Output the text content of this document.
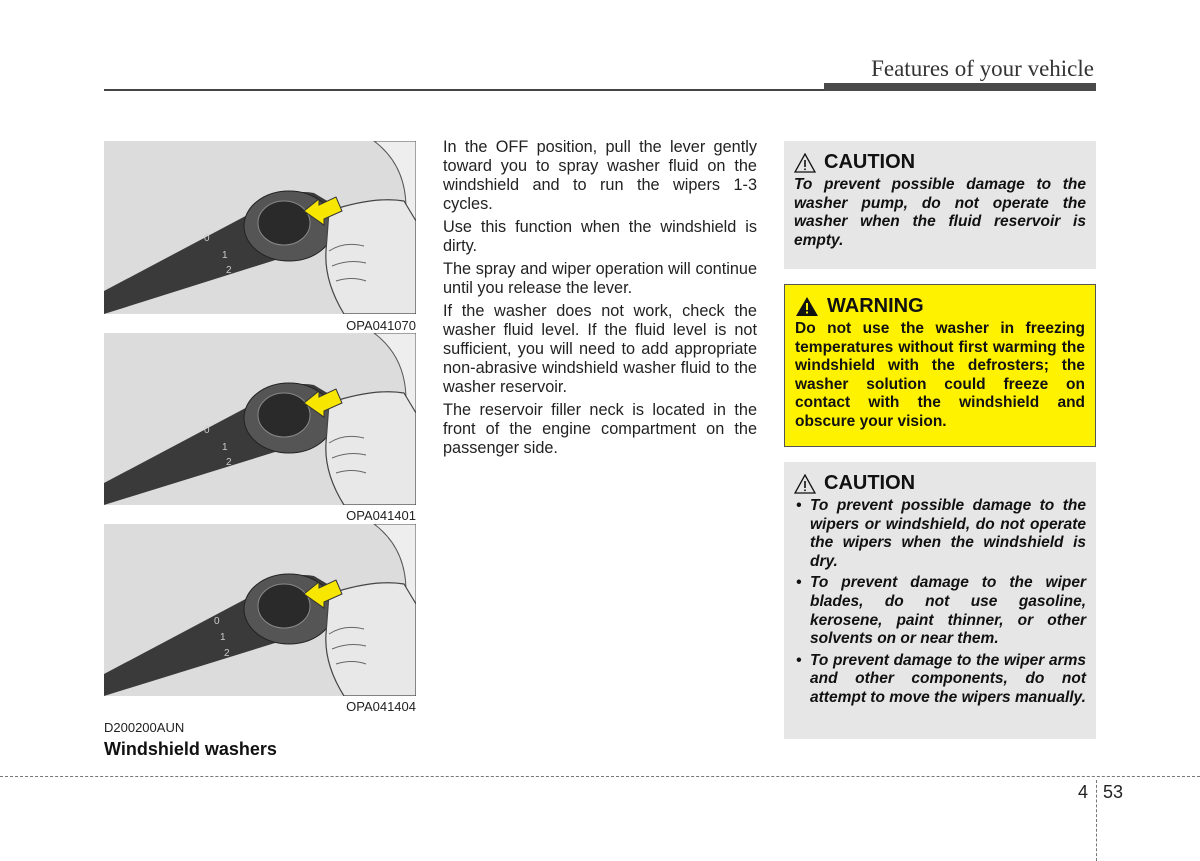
Features of your vehicle
0
1
2
OPA041070
0
1
2
OPA041401
0
1
2
OPA041404
D200200AUN
Windshield washers

In the OFF position, pull the lever gently toward you to spray washer fluid on the windshield and to run the wipers 1-3 cycles.

Use this function when the windshield is dirty.

The spray and wiper operation will continue until you release the lever.

If the washer does not work, check the washer fluid level. If the fluid level is not sufficient, you will need to add appropriate non-abrasive windshield washer fluid to the washer reservoir.

The reservoir filler neck is located in the front of the engine compartment on the passenger side.

CAUTION
To prevent possible damage to the washer pump, do not operate the washer when the fluid reservoir is empty.
WARNING
Do not use the washer in freezing temperatures without first warming the windshield with the defrosters; the washer solution could freeze on contact with the windshield and obscure your vision.
CAUTION
• To prevent possible damage to the wipers or windshield, do not operate the wipers when the windshield is dry.
• To prevent damage to the wiper blades, do not use gasoline, kerosene, paint thinner, or other solvents on or near them.
• To prevent damage to the wiper arms and other components, do not attempt to move the wipers manually.
4 53
